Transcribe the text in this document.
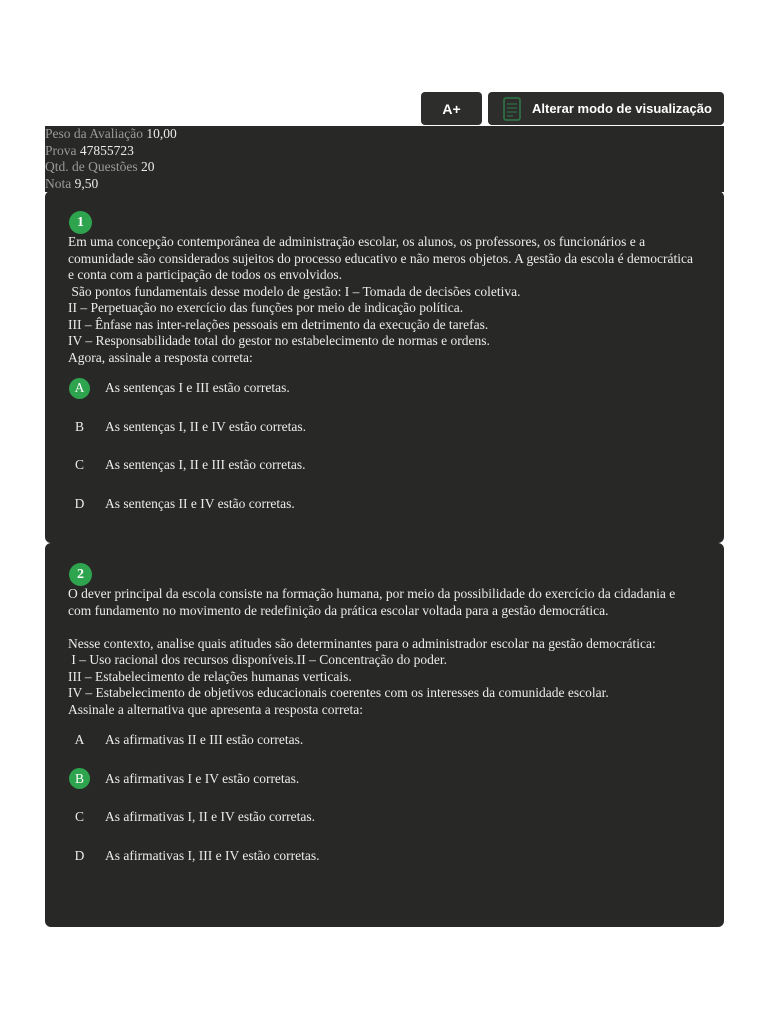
A+	Alterar modo de visualização
Peso da Avaliação 10,00
Prova 47855723
Qtd. de Questões 20
Nota 9,50
1
Em uma concepção contemporânea de administração escolar, os alunos, os professores, os funcionários e a comunidade são considerados sujeitos do processo educativo e não meros objetos. A gestão da escola é democrática e conta com a participação de todos os envolvidos.
São pontos fundamentais desse modelo de gestão: I – Tomada de decisões coletiva.
II – Perpetuação no exercício das funções por meio de indicação política.
III – Ênfase nas inter-relações pessoais em detrimento da execução de tarefas.
IV – Responsabilidade total do gestor no estabelecimento de normas e ordens.
Agora, assinale a resposta correta:
A	As sentenças I e III estão corretas.
B	As sentenças I, II e IV estão corretas.
C	As sentenças I, II e III estão corretas.
D	As sentenças II e IV estão corretas.
2
O dever principal da escola consiste na formação humana, por meio da possibilidade do exercício da cidadania e com fundamento no movimento de redefinição da prática escolar voltada para a gestão democrática.

Nesse contexto, analise quais atitudes são determinantes para o administrador escolar na gestão democrática:
I – Uso racional dos recursos disponíveis.II – Concentração do poder.
III – Estabelecimento de relações humanas verticais.
IV – Estabelecimento de objetivos educacionais coerentes com os interesses da comunidade escolar.
Assinale a alternativa que apresenta a resposta correta:
A	As afirmativas II e III estão corretas.
B	As afirmativas I e IV estão corretas.
C	As afirmativas I, II e IV estão corretas.
D	As afirmativas I, III e IV estão corretas.
